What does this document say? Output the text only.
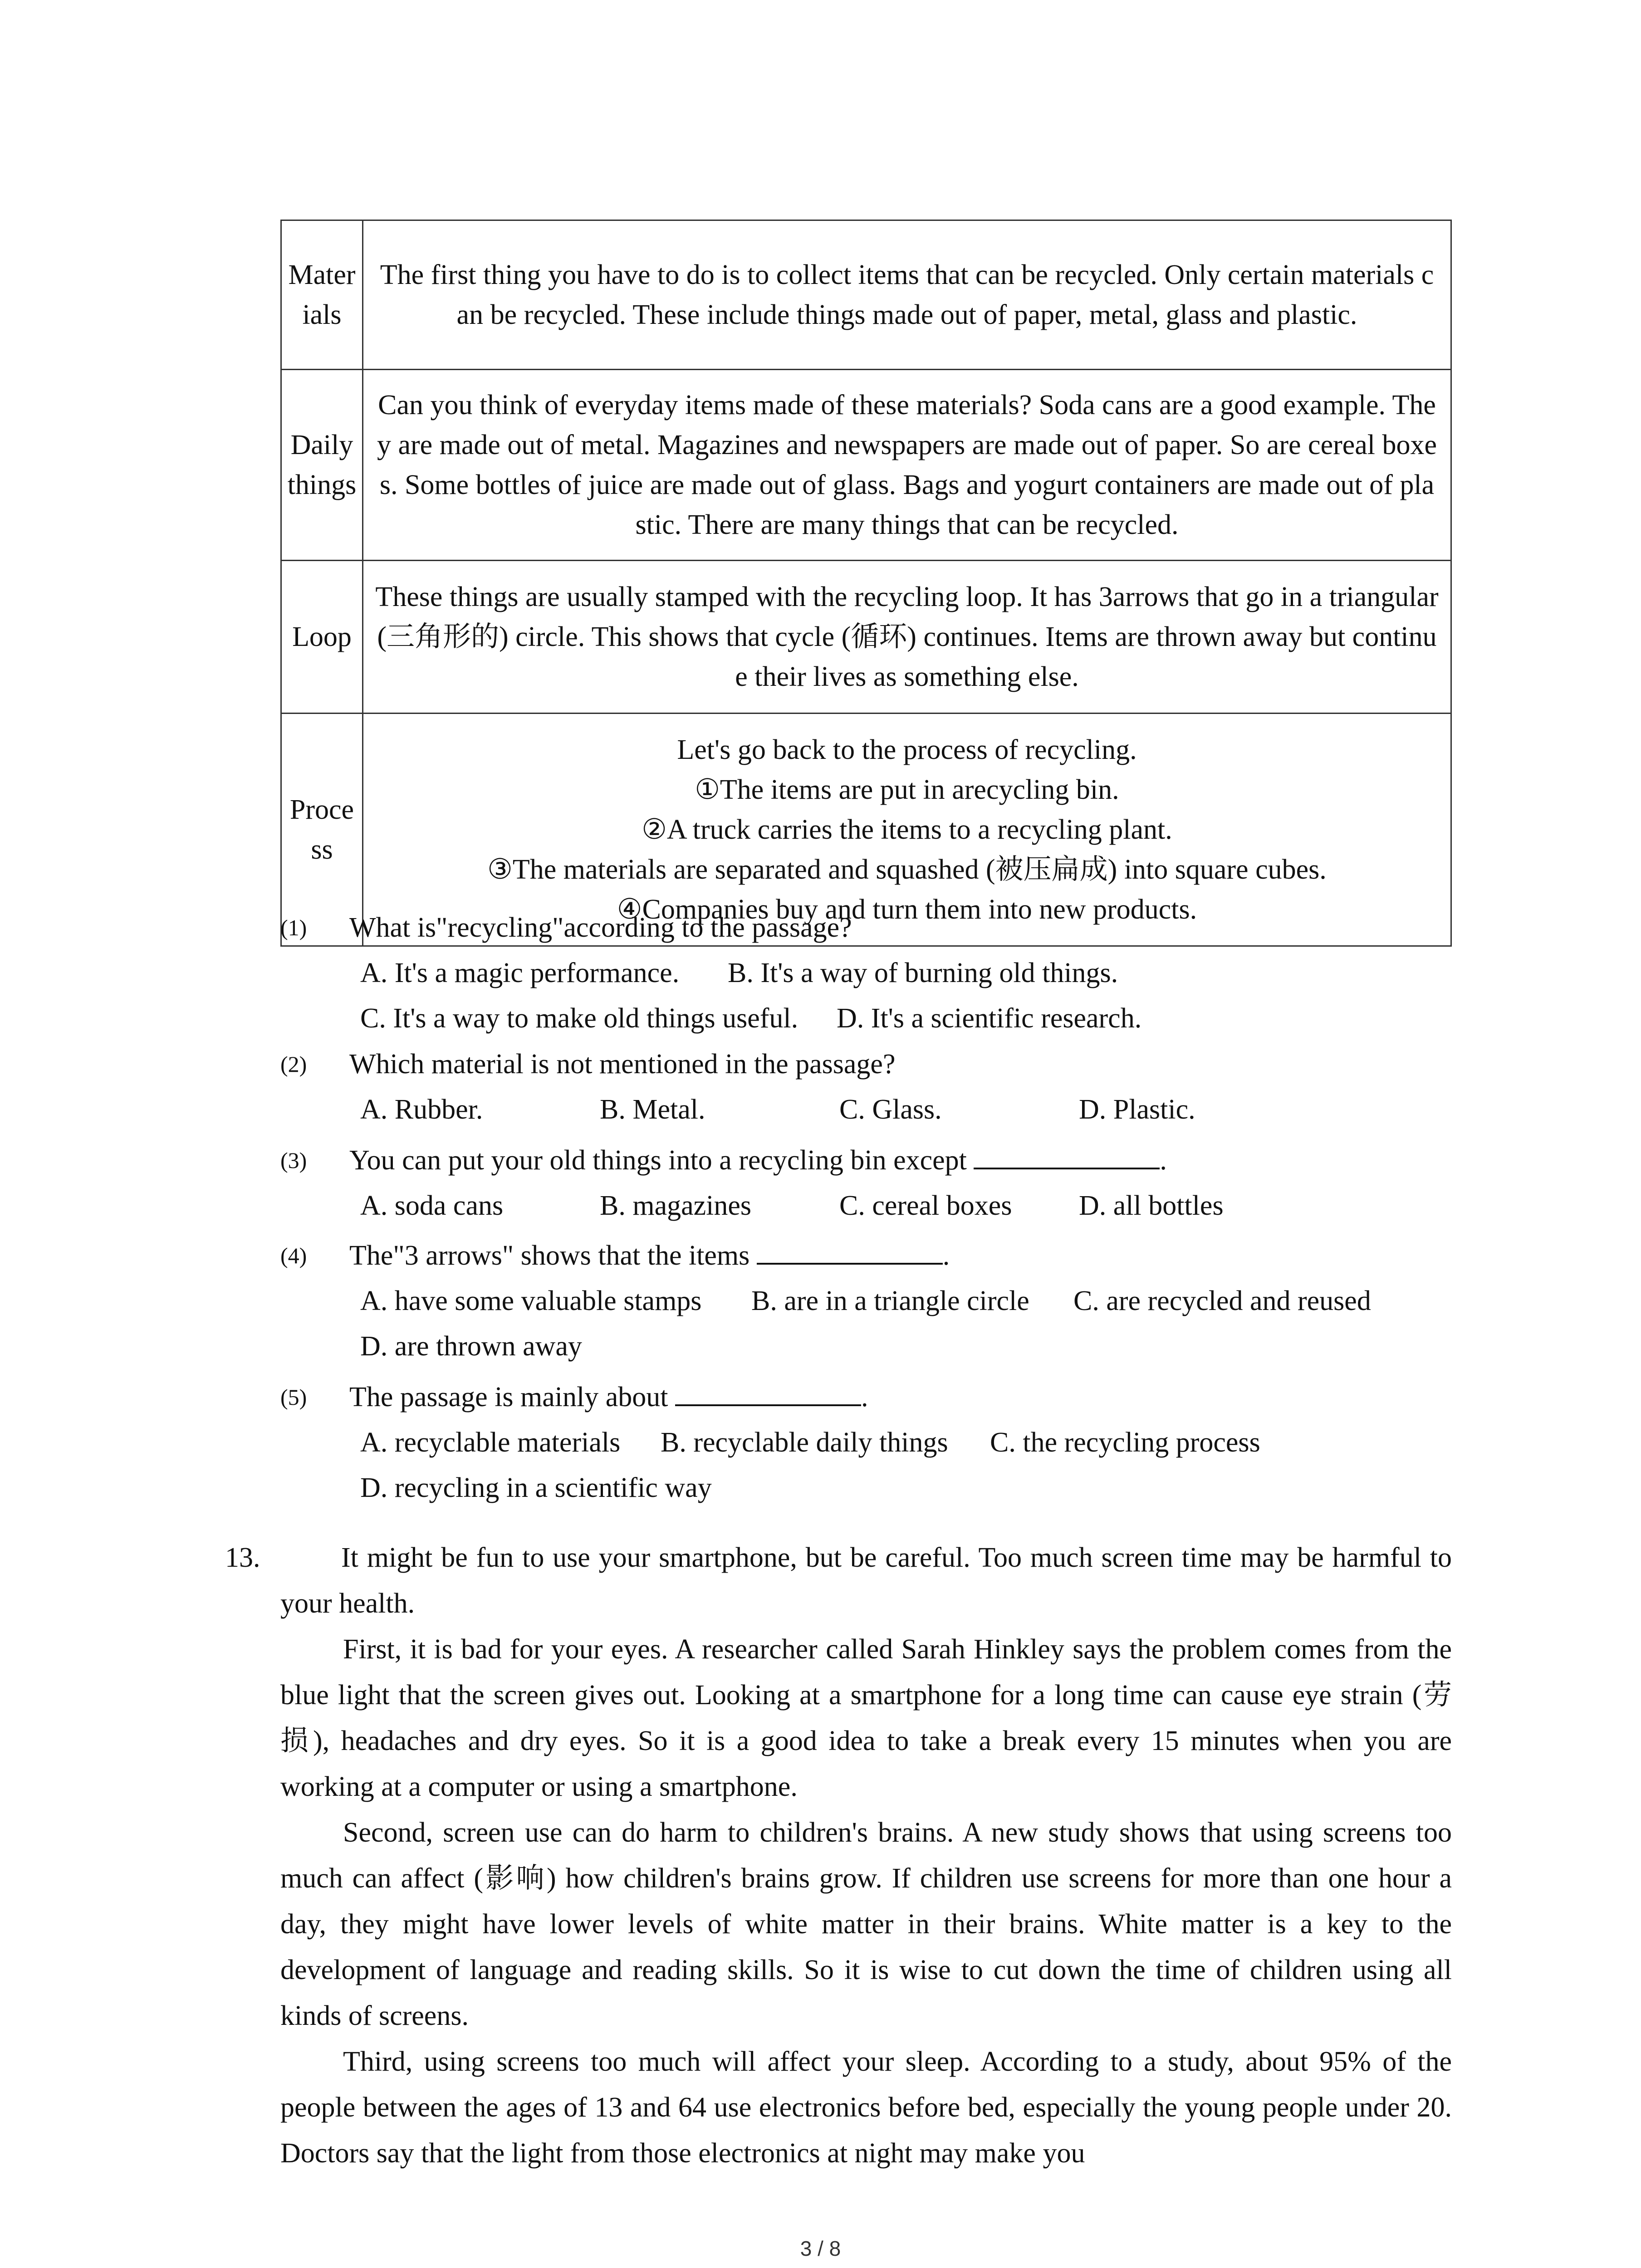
Materials	The first thing you have to do is to collect items that can be recycled. Only certain materials can be recycled. These include things made out of paper, metal, glass and plastic.

Daily things	Can you think of everyday items made of these materials? Soda cans are a good example. They are made out of metal. Magazines and newspapers are made out of paper. So are cereal boxes. Some bottles of juice are made out of glass. Bags and yogurt containers are made out of plastic. There are many things that can be recycled.

Loop	These things are usually stamped with the recycling loop. It has 3arrows that go in a triangular (三角形的) circle. This shows that cycle (循环) continues. Items are thrown away but continue their lives as something else.

Process	Let's go back to the process of recycling.
①The items are put in arecycling bin.
②A truck carries the items to a recycling plant.
③The materials are separated and squashed (被压扁成) into square cubes.
④Companies buy and turn them into new products.
(1) What is"recycling"according to the passage?
A. It's a magic performance. B. It's a way of burning old things.
C. It's a way to make old things useful. D. It's a scientific research.
(2) Which material is not mentioned in the passage?
A. Rubber.	B. Metal.	C. Glass.	D. Plastic.
(3) You can put your old things into a recycling bin except	.
A. soda cans	B. magazines	C. cereal boxes D. all bottles
(4) The"3 arrows" shows that the items	.
A. have some valuable stamps B. are in a triangle circle C. are recycled and reused
D. are thrown away
(5) The passage is mainly about	.
A. recyclable materials B. recyclable daily things C. the recycling process
D. recycling in a scientific way
13.	It might be fun to use your smartphone, but be careful. Too much screen time may be harmful to your health.

First, it is bad for your eyes. A researcher called Sarah Hinkley says the problem comes from the blue light that the screen gives out. Looking at a smartphone for a long time can cause eye strain (劳损), headaches and dry eyes. So it is a good idea to take a break every 15 minutes when you are working at a computer or using a smartphone.

Second, screen use can do harm to children's brains. A new study shows that using screens too much can affect (影响) how children's brains grow. If children use screens for more than one hour a day, they might have lower levels of white matter in their brains. White matter is a key to the development of language and reading skills. So it is wise to cut down the time of children using all kinds of screens.

Third, using screens too much will affect your sleep. According to a study, about 95% of the people between the ages of 13 and 64 use electronics before bed, especially the young people under 20. Doctors say that the light from those electronics at night may make you

3 / 8
